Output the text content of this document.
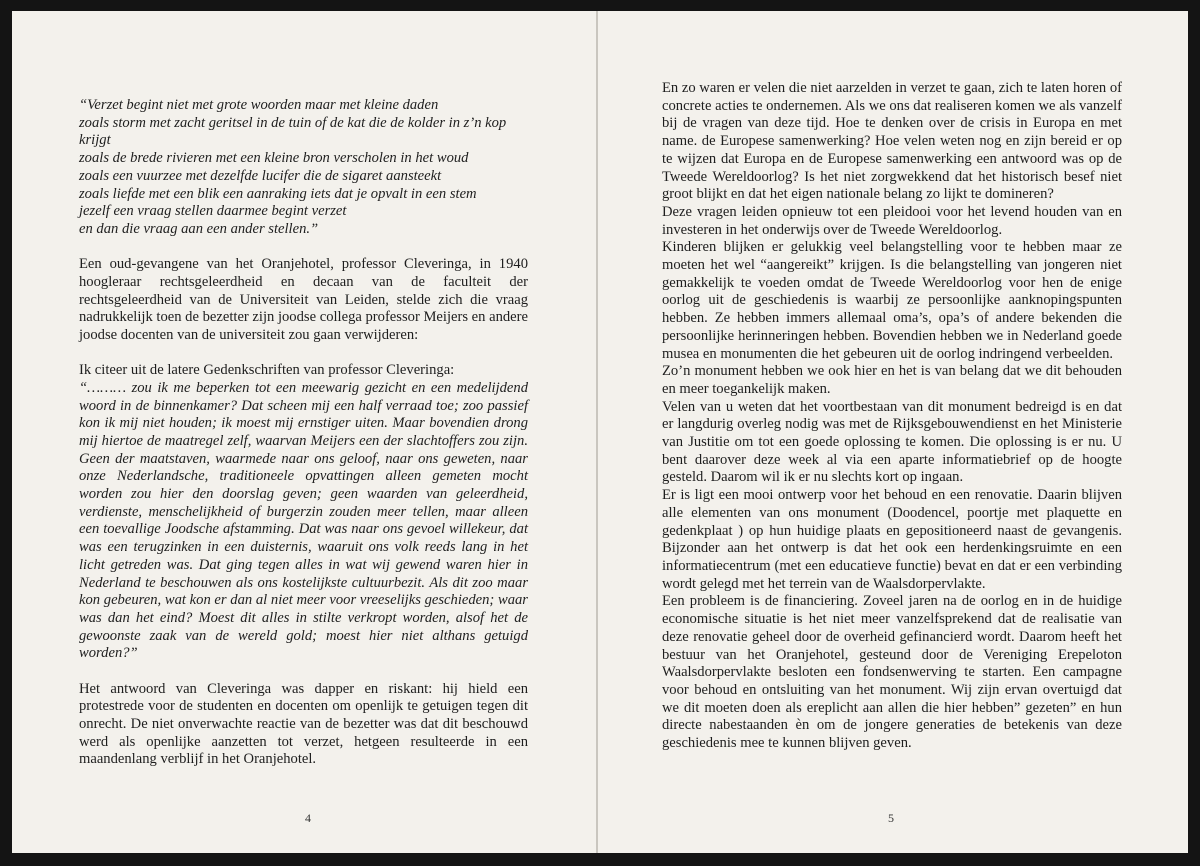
“Verzet begint niet met grote woorden maar met kleine daden
zoals storm met zacht geritsel in de tuin of de kat die de kolder in z’n kop
krijgt
zoals de brede rivieren met een kleine bron verscholen in het woud
zoals een vuurzee met dezelfde lucifer die de sigaret aansteekt
zoals liefde met een blik een aanraking iets dat je opvalt in een stem
jezelf een vraag stellen daarmee begint verzet
en dan die vraag aan een ander stellen.”

Een oud-gevangene van het Oranjehotel, professor Cleveringa, in 1940 hoogleraar rechtsgeleerdheid en decaan van de faculteit der rechtsgeleerdheid van de Universiteit van Leiden, stelde zich die vraag nadrukkelijk toen de bezetter zijn joodse collega professor Meijers en andere joodse docenten van de universiteit zou gaan verwijderen:

Ik citeer uit de latere Gedenkschriften van professor Cleveringa:

“……… zou ik me beperken tot een meewarig gezicht en een medelijdend woord in de binnenkamer? Dat scheen mij een half verraad toe; zoo passief kon ik mij niet houden; ik moest mij ernstiger uiten. Maar bovendien drong mij hiertoe de maatregel zelf, waarvan Meijers een der slachtoffers zou zijn. Geen der maatstaven, waarmede naar ons geloof, naar ons geweten, naar onze Nederlandsche, traditioneele opvattingen alleen gemeten mocht worden zou hier den doorslag geven; geen waarden van geleerdheid, verdienste, menschelijkheid of burgerzin zouden meer tellen, maar alleen een toevallige Joodsche afstamming. Dat was naar ons gevoel willekeur, dat was een terugzinken in een duisternis, waaruit ons volk reeds lang in het licht getreden was. Dat ging tegen alles in wat wij gewend waren hier in Nederland te beschouwen als ons kostelijkste cultuurbezit. Als dit zoo maar kon gebeuren, wat kon er dan al niet meer voor vreeselijks geschieden; waar was dan het eind? Moest dit alles in stilte verkropt worden, alsof het de gewoonste zaak van de wereld gold; moest hier niet althans getuigd worden?”

Het antwoord van Cleveringa was dapper en riskant: hij hield een protestrede voor de studenten en docenten om openlijk te getuigen tegen dit onrecht. De niet onverwachte reactie van de bezetter was dat dit beschouwd werd als openlijke aanzetten tot verzet, hetgeen resulteerde in een maandenlang verblijf in het Oranjehotel.

4

En zo waren er velen die niet aarzelden in verzet te gaan, zich te laten horen of concrete acties te ondernemen. Als we ons dat realiseren komen we als vanzelf bij de vragen van deze tijd. Hoe te denken over de crisis in Europa en met name. de Europese samenwerking? Hoe velen weten nog en zijn bereid er op te wijzen dat Europa en de Europese samenwerking een antwoord was op de Tweede Wereldoorlog? Is het niet zorgwekkend dat het historisch besef niet groot blijkt en dat het eigen nationale belang zo lijkt te domineren?

Deze vragen leiden opnieuw tot een pleidooi voor het levend houden van en investeren in het onderwijs over de Tweede Wereldoorlog.

Kinderen blijken er gelukkig veel belangstelling voor te hebben maar ze moeten het wel “aangereikt” krijgen. Is die belangstelling van jongeren niet gemakkelijk te voeden omdat de Tweede Wereldoorlog voor hen de enige oorlog uit de geschiedenis is waarbij ze persoonlijke aanknopingspunten hebben. Ze hebben immers allemaal oma’s, opa’s of andere bekenden die persoonlijke herinneringen hebben. Bovendien hebben we in Nederland goede musea en monumenten die het gebeuren uit de oorlog indringend verbeelden.

Zo’n monument hebben we ook hier en het is van belang dat we dit behouden en meer toegankelijk maken.

Velen van u weten dat het voortbestaan van dit monument bedreigd is en dat er langdurig overleg nodig was met de Rijksgebouwendienst en het Ministerie van Justitie om tot een goede oplossing te komen. Die oplossing is er nu. U bent daarover deze week al via een aparte informatiebrief op de hoogte gesteld. Daarom wil ik er nu slechts kort op ingaan.

Er is ligt een mooi ontwerp voor het behoud en een renovatie. Daarin blijven alle elementen van ons monument (Doodencel, poortje met plaquette en gedenkplaat ) op hun huidige plaats en gepositioneerd naast de gevangenis. Bijzonder aan het ontwerp is dat het ook een herdenkingsruimte en een informatiecentrum (met een educatieve functie) bevat en dat er een verbinding wordt gelegd met het terrein van de Waalsdorpervlakte.

Een probleem is de financiering. Zoveel jaren na de oorlog en in de huidige economische situatie is het niet meer vanzelfsprekend dat de realisatie van deze renovatie geheel door de overheid gefinancierd wordt. Daarom heeft het bestuur van het Oranjehotel, gesteund door de Vereniging Erepeloton Waalsdorpervlakte besloten een fondsenwerving te starten. Een campagne voor behoud en ontsluiting van het monument. Wij zijn ervan overtuigd dat we dit moeten doen als ereplicht aan allen die hier hebben” gezeten” en hun directe nabestaanden èn om de jongere generaties de betekenis van deze geschiedenis mee te kunnen blijven geven.

5
